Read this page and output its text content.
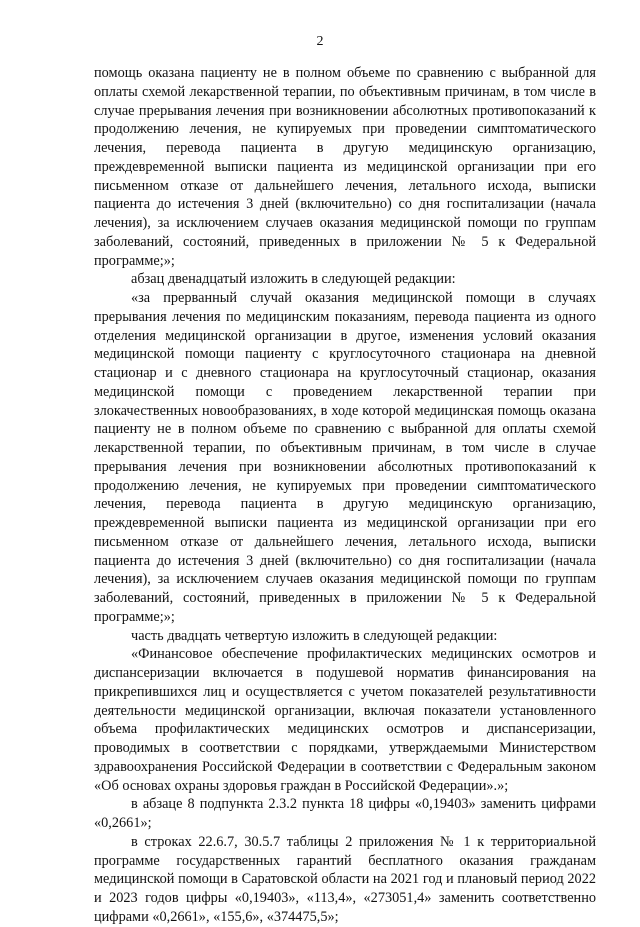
2

помощь оказана пациенту не в полном объеме по сравнению с выбранной для оплаты схемой лекарственной терапии, по объективным причинам, в том числе в случае прерывания лечения при возникновении абсолютных противопоказаний к продолжению лечения, не купируемых при проведении симптоматического лечения, перевода пациента в другую медицинскую организацию, преждевременной выписки пациента из медицинской организации при его письменном отказе от дальнейшего лечения, летального исхода, выписки пациента до истечения 3 дней (включительно) со дня госпитализации (начала лечения), за исключением случаев оказания медицинской помощи по группам заболеваний, состояний, приведенных в приложении № 5 к Федеральной программе;»;

абзац двенадцатый изложить в следующей редакции:

«за прерванный случай оказания медицинской помощи в случаях прерывания лечения по медицинским показаниям, перевода пациента из одного отделения медицинской организации в другое, изменения условий оказания медицинской помощи пациенту с круглосуточного стационара на дневной стационар и с дневного стационара на круглосуточный стационар, оказания медицинской помощи с проведением лекарственной терапии при злокачественных новообразованиях, в ходе которой медицинская помощь оказана пациенту не в полном объеме по сравнению с выбранной для оплаты схемой лекарственной терапии, по объективным причинам, в том числе в случае прерывания лечения при возникновении абсолютных противопоказаний к продолжению лечения, не купируемых при проведении симптоматического лечения, перевода пациента в другую медицинскую организацию, преждевременной выписки пациента из медицинской организации при его письменном отказе от дальнейшего лечения, летального исхода, выписки пациента до истечения 3 дней (включительно) со дня госпитализации (начала лечения), за исключением случаев оказания медицинской помощи по группам заболеваний, состояний, приведенных в приложении № 5 к Федеральной программе;»;

часть двадцать четвертую изложить в следующей редакции:

«Финансовое обеспечение профилактических медицинских осмотров и диспансеризации включается в подушевой норматив финансирования на прикрепившихся лиц и осуществляется с учетом показателей результативности деятельности медицинской организации, включая показатели установленного объема профилактических медицинских осмотров и диспансеризации, проводимых в соответствии с порядками, утверждаемыми Министерством здравоохранения Российской Федерации в соответствии с Федеральным законом «Об основах охраны здоровья граждан в Российской Федерации».»;

в абзаце 8 подпункта 2.3.2 пункта 18 цифры «0,19403» заменить цифрами «0,2661»;

в строках 22.6.7, 30.5.7 таблицы 2 приложения № 1 к территориальной программе государственных гарантий бесплатного оказания гражданам медицинской помощи в Саратовской области на 2021 год и плановый период 2022 и 2023 годов цифры «0,19403», «113,4», «273051,4» заменить соответственно цифрами «0,2661», «155,6», «374475,5»;
